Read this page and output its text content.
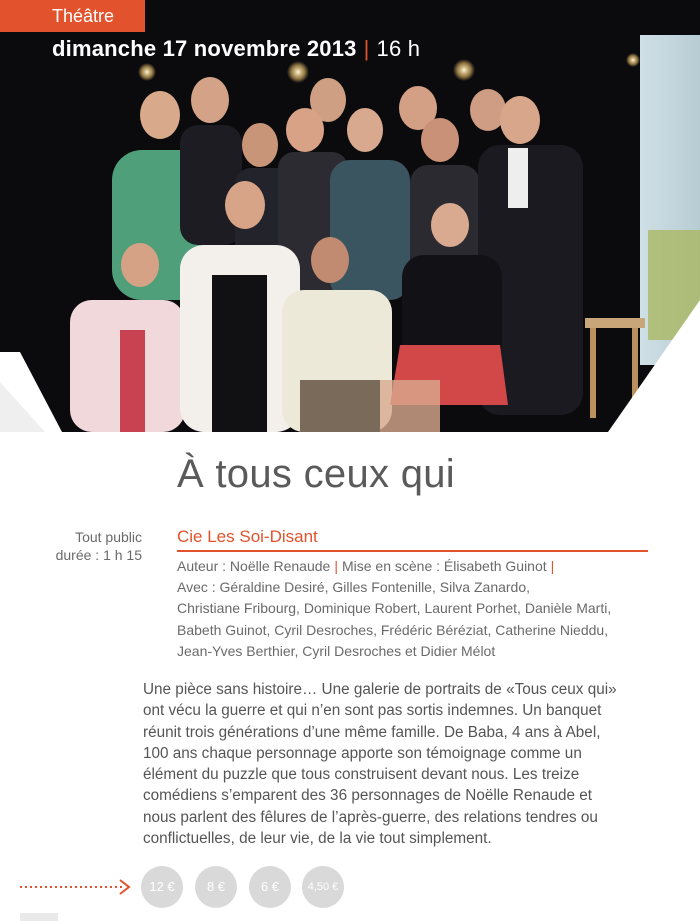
Théâtre
dimanche 17 novembre 2013 | 16 h
À tous ceux qui
Tout public
durée : 1 h 15
Cie Les Soi-Disant
Auteur : Noëlle Renaude | Mise en scène : Élisabeth Guinot |
Avec : Géraldine Desiré, Gilles Fontenille, Silva Zanardo,
Christiane Fribourg, Dominique Robert, Laurent Porhet, Danièle Marti,
Babeth Guinot, Cyril Desroches, Frédéric Béréziat, Catherine Nieddu,
Jean-Yves Berthier, Cyril Desroches et Didier Mélot
Une pièce sans histoire… Une galerie de portraits de «Tous ceux qui»
ont vécu la guerre et qui n’en sont pas sortis indemnes. Un banquet
réunit trois générations d’une même famille. De Baba, 4 ans à Abel,
100 ans chaque personnage apporte son témoignage comme un
élément du puzzle que tous construisent devant nous. Les treize
comédiens s’emparent des 36 personnages de Noëlle Renaude et
nous parlent des fêlures de l’après-guerre, des relations tendres ou
conflictuelles, de leur vie, de la vie tout simplement.
12 €	8 €	6 €	4,50 €
